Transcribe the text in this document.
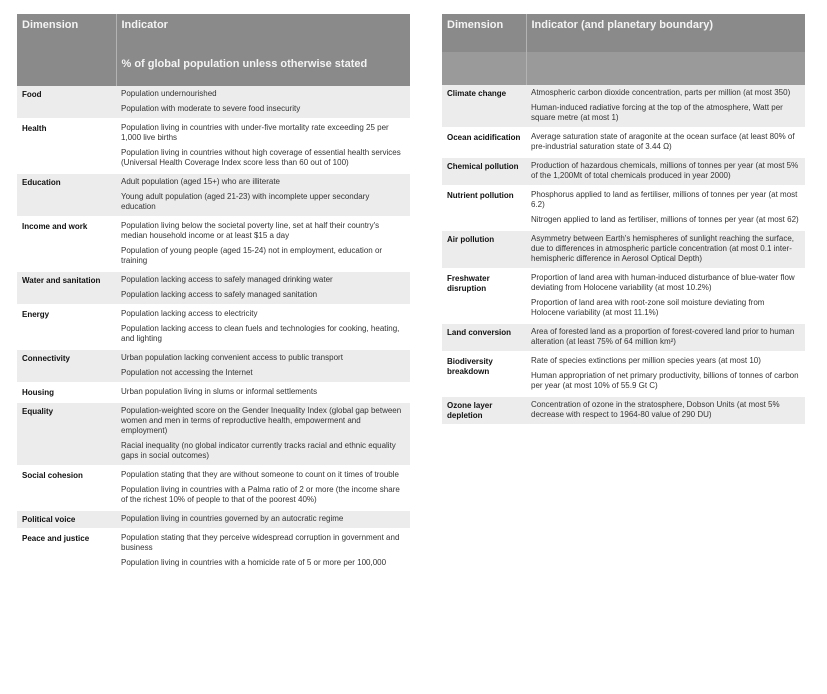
Dimension	Indicator
	% of global population unless otherwise stated
Food	Population undernourished
Population with moderate to severe food insecurity

Health	Population living in countries with under-five mortality rate exceeding 25 per 1,000 live births
Population living in countries without high coverage of essential health services (Universal Health Coverage Index score less than 60 out of 100)

Education	Adult population (aged 15+) who are illiterate
Young adult population (aged 21-23) with incomplete upper secondary education

Income and work	Population living below the societal poverty line, set at half their country's median household income or at least $15 a day
Population of young people (aged 15-24) not in employment, education or training

Water and sanitation	Population lacking access to safely managed drinking water
Population lacking access to safely managed sanitation

Energy	Population lacking access to electricity
Population lacking access to clean fuels and technologies for cooking, heating, and lighting

Connectivity	Urban population lacking convenient access to public transport
Population not accessing the Internet

Housing	Urban population living in slums or informal settlements

Equality	Population-weighted score on the Gender Inequality Index (global gap between women and men in terms of reproductive health, empowerment and employment)
Racial inequality (no global indicator currently tracks racial and ethnic equality gaps in social outcomes)

Social cohesion	Population stating that they are without someone to count on it times of trouble
Population living in countries with a Palma ratio of 2 or more (the income share of the richest 10% of people to that of the poorest 40%)

Political voice	Population living in countries governed by an autocratic regime

Peace and justice	Population stating that they perceive widespread corruption in government and business
Population living in countries with a homicide rate of 5 or more per 100,000
Dimension	Indicator (and planetary boundary)

Climate change	Atmospheric carbon dioxide concentration, parts per million (at most 350)
Human-induced radiative forcing at the top of the atmosphere, Watt per square metre (at most 1)

Ocean acidification	Average saturation state of aragonite at the ocean surface (at least 80% of pre-industrial saturation state of 3.44 Ω)

Chemical pollution	Production of hazardous chemicals, millions of tonnes per year (at most 5% of the 1,200Mt of total chemicals produced in year 2000)

Nutrient pollution	Phosphorus applied to land as fertiliser, millions of tonnes per year (at most 6.2)
Nitrogen applied to land as fertiliser, millions of tonnes per year (at most 62)

Air pollution	Asymmetry between Earth's hemispheres of sunlight reaching the surface, due to differences in atmospheric particle concentration (at most 0.1 inter-hemispheric difference in Aerosol Optical Depth)

Freshwater disruption	Proportion of land area with human-induced disturbance of blue-water flow deviating from Holocene variability (at most 10.2%)
Proportion of land area with root-zone soil moisture deviating from Holocene variability (at most 11.1%)

Land conversion	Area of forested land as a proportion of forest-covered land prior to human alteration (at least 75% of 64 million km²)

Biodiversity breakdown	Rate of species extinctions per million species years (at most 10)
Human appropriation of net primary productivity, billions of tonnes of carbon per year (at most 10% of 55.9 Gt C)

Ozone layer depletion	Concentration of ozone in the stratosphere, Dobson Units (at most 5% decrease with respect to 1964-80 value of 290 DU)
